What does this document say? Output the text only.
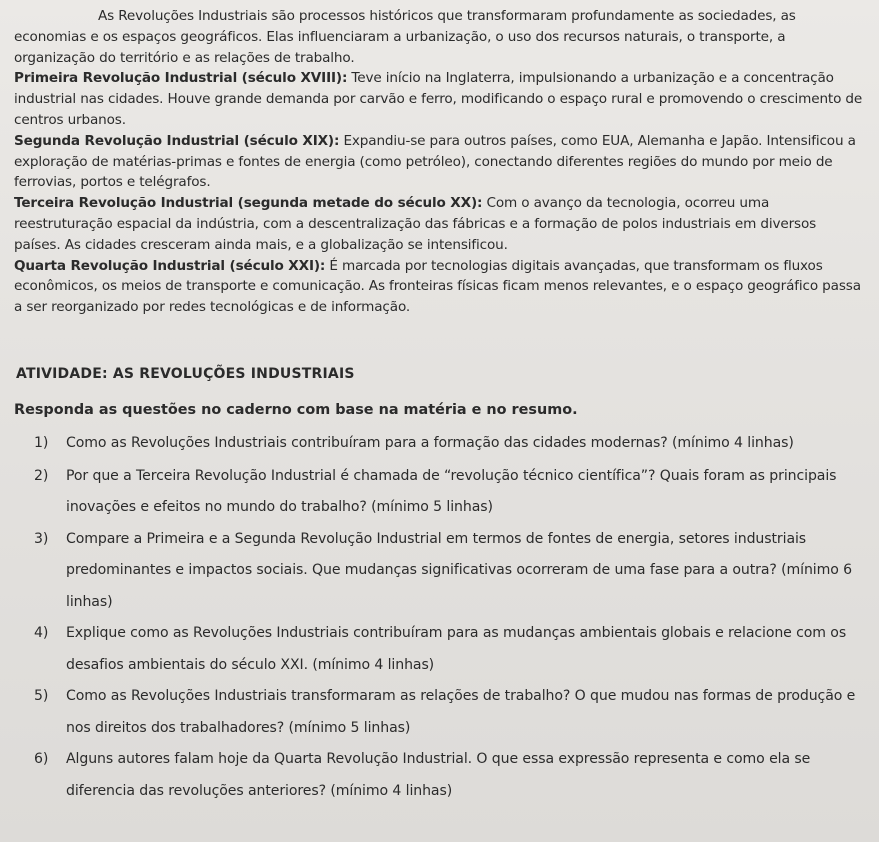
As Revoluções Industriais são processos históricos que transformaram profundamente as sociedades, as economias e os espaços geográficos. Elas influenciaram a urbanização, o uso dos recursos naturais, o transporte, a organização do território e as relações de trabalho.

Primeira Revolução Industrial (século XVIII): Teve início na Inglaterra, impulsionando a urbanização e a concentração industrial nas cidades. Houve grande demanda por carvão e ferro, modificando o espaço rural e promovendo o crescimento de centros urbanos.

Segunda Revolução Industrial (século XIX): Expandiu-se para outros países, como EUA, Alemanha e Japão. Intensificou a exploração de matérias-primas e fontes de energia (como petróleo), conectando diferentes regiões do mundo por meio de ferrovias, portos e telégrafos.

Terceira Revolução Industrial (segunda metade do século XX): Com o avanço da tecnologia, ocorreu uma reestruturação espacial da indústria, com a descentralização das fábricas e a formação de polos industriais em diversos países. As cidades cresceram ainda mais, e a globalização se intensificou.

Quarta Revolução Industrial (século XXI): É marcada por tecnologias digitais avançadas, que transformam os fluxos econômicos, os meios de transporte e comunicação. As fronteiras físicas ficam menos relevantes, e o espaço geográfico passa a ser reorganizado por redes tecnológicas e de informação.

ATIVIDADE: AS REVOLUÇÕES INDUSTRIAIS
Responda as questões no caderno com base na matéria e no resumo.
1)	Como as Revoluções Industriais contribuíram para a formação das cidades modernas? (mínimo 4 linhas)
2)	Por que a Terceira Revolução Industrial é chamada de “revolução técnico científica”? Quais foram as principais inovações e efeitos no mundo do trabalho? (mínimo 5 linhas)
3)	Compare a Primeira e a Segunda Revolução Industrial em termos de fontes de energia, setores industriais predominantes e impactos sociais. Que mudanças significativas ocorreram de uma fase para a outra? (mínimo 6 linhas)
4)	Explique como as Revoluções Industriais contribuíram para as mudanças ambientais globais e relacione com os desafios ambientais do século XXI. (mínimo 4 linhas)
5)	Como as Revoluções Industriais transformaram as relações de trabalho? O que mudou nas formas de produção e nos direitos dos trabalhadores? (mínimo 5 linhas)
6)	Alguns autores falam hoje da Quarta Revolução Industrial. O que essa expressão representa e como ela se diferencia das revoluções anteriores? (mínimo 4 linhas)
